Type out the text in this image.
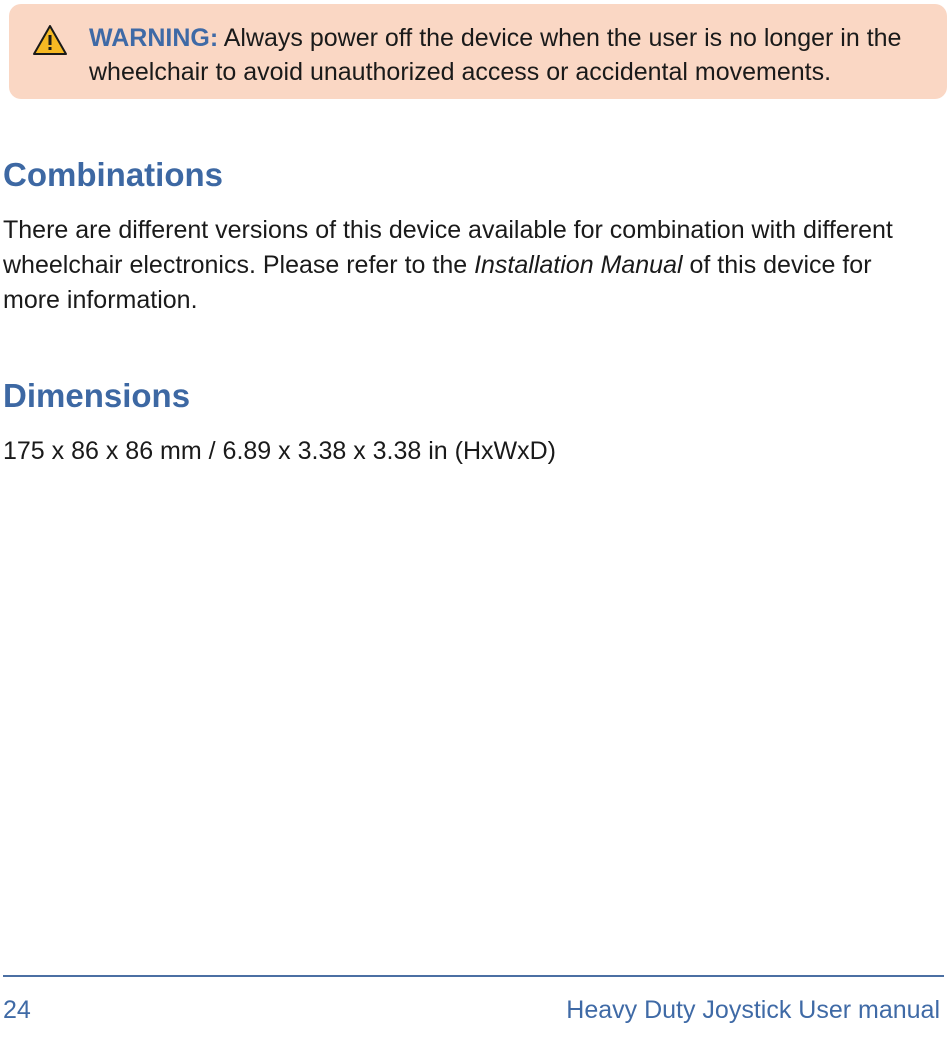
WARNING: Always power off the device when the user is no longer in the wheelchair to avoid unauthorized access or accidental movements.
Combinations

There are different versions of this device available for combination with different wheelchair electronics. Please refer to the Installation Manual of this device for more information.

Dimensions

175 x 86 x 86 mm / 6.89 x 3.38 x 3.38 in (HxWxD)

24	Heavy Duty Joystick User manual
